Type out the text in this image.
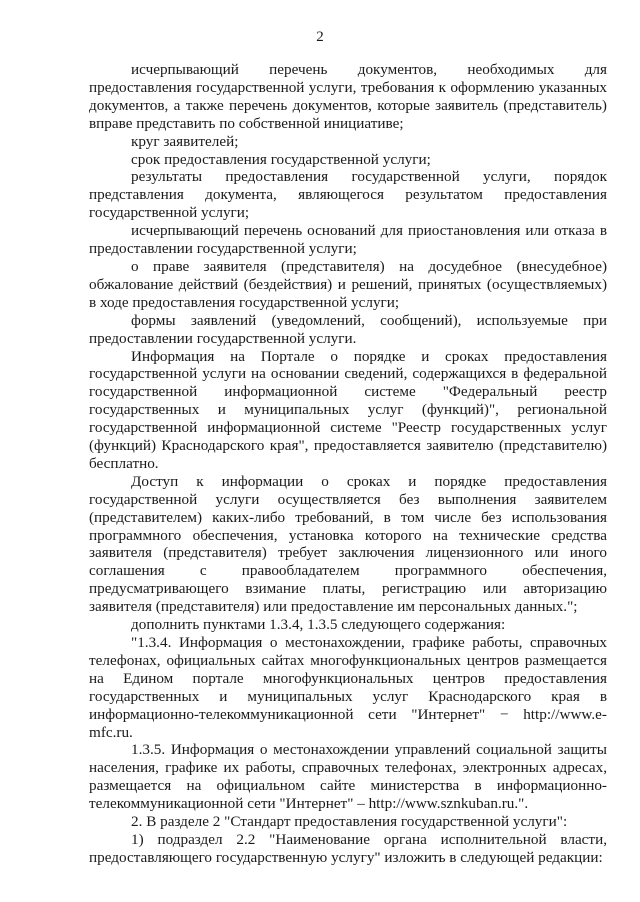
2

исчерпывающий перечень документов, необходимых для предоставления государственной услуги, требования к оформлению указанных документов, а также перечень документов, которые заявитель (представитель) вправе представить по собственной инициативе;

круг заявителей;

срок предоставления государственной услуги;

результаты предоставления государственной услуги, порядок представления документа, являющегося результатом предоставления государственной услуги;

исчерпывающий перечень оснований для приостановления или отказа в предоставлении государственной услуги;

о праве заявителя (представителя) на досудебное (внесудебное) обжалование действий (бездействия) и решений, принятых (осуществляемых) в ходе предоставления государственной услуги;

формы заявлений (уведомлений, сообщений), используемые при предоставлении государственной услуги.

Информация на Портале о порядке и сроках предоставления государственной услуги на основании сведений, содержащихся в федеральной государственной информационной системе "Федеральный реестр государственных и муниципальных услуг (функций)", региональной государственной информационной системе "Реестр государственных услуг (функций) Краснодарского края", предоставляется заявителю (представителю) бесплатно.

Доступ к информации о сроках и порядке предоставления государственной услуги осуществляется без выполнения заявителем (представителем) каких-либо требований, в том числе без использования программного обеспечения, установка которого на технические средства заявителя (представителя) требует заключения лицензионного или иного соглашения с правообладателем программного обеспечения, предусматривающего взимание платы, регистрацию или авторизацию заявителя (представителя) или предоставление им персональных данных.";

дополнить пунктами 1.3.4, 1.3.5 следующего содержания:

"1.3.4. Информация о местонахождении, графике работы, справочных телефонах, официальных сайтах многофункциональных центров размещается на Едином портале многофункциональных центров предоставления государственных и муниципальных услуг Краснодарского края в информационно-телекоммуникационной сети "Интернет" − http://www.e-mfc.ru.

1.3.5. Информация о местонахождении управлений социальной защиты населения, графике их работы, справочных телефонах, электронных адресах, размещается на официальном сайте министерства в информационно-телекоммуникационной сети "Интернет" – http://www.sznkuban.ru.".

2. В разделе 2 "Стандарт предоставления государственной услуги":

1) подраздел 2.2 "Наименование органа исполнительной власти, предоставляющего государственную услугу" изложить в следующей редакции:
